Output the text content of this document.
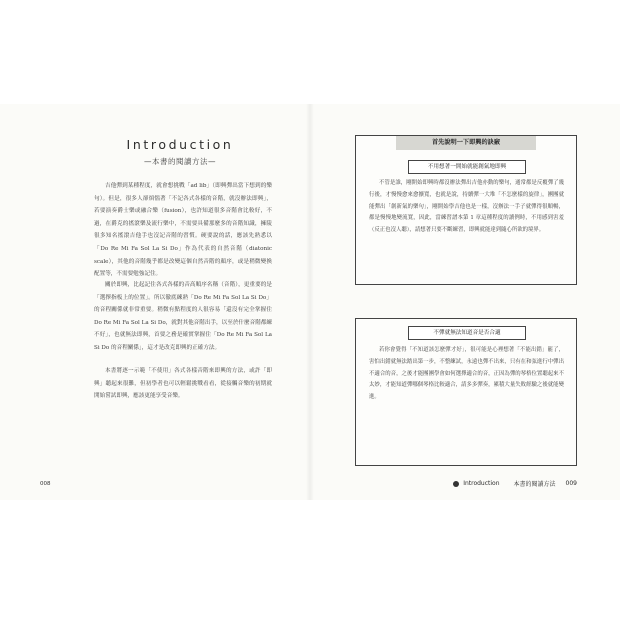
Introduction
—本書的閱讀方法—
吉他彈到某種程度，就會想挑戰「ad lib」（即興彈出當下想到的樂句）。但是，很多人卻煩惱著「不記各式各樣的音階，就沒辦法即興」，若要演奏爵士樂或融合樂（fusion），也許知道很多音階會比較好，不過，在爵克的搖滾樂及流行樂中，不需要具備那麼多的音階知識，擁陵很多知名搖滾吉他手也沒記音階的習慣。硬要說的話，應該先熟悉以「Do Re Mi Fa Sol La Si Do」作為代表的自然音階（diatonic scale），其他的音階幾乎都是改變這個自然音階的顏序，或是稍微變換配置等，不需要勉強記住。
關於即興，比起記住各式各樣的音高順序名稱（音階），更重要的是「選擇指板上的位置」。所以徹底練熟「Do Re Mi Fa Sol La Si Do」的音程關係就非常重要。稍微有點程度的人很容易「還沒有完全掌握住 Do Re Mi Fa Sol La Si Do，就對其他音階出手，以至於什麼音階都練不好」，也就無法即興，首要之務是確實掌握住「Do Re Mi Fa Sol La Si Do 的音程關係」，這才是改克即興的正確方法。
本書將逐一示範「不使用」各式各樣音階來即興的方法，或許「即興」聽起來很難，但初學者也可以輕鬆挑戰看看，從接觸音樂的初期就開始嘗試即興，應該更能享受音樂。
008
首先說明一下即興的訣竅
不用想著一開始就能創氣地即興
不管是誰，剛開始即興時都沒辦法彈出吉他亦動的樂句，通常都是反覆彈了幾行後，才慢慢愈來愈擴寬，也就是說，持續彈一大堆「不怎麼樣的旋律」，團團就能彈出「創新氣的樂句」，剛開始學吉他也是一樣，沒辦法一手子就彈得很順暢，都是慢慢地變流寬，因此，當練習譜本第 1 章這種程度的讀例時，不用感到害羞（反正也沒人聽），請想著只要不斷練習，即興就能達到隨心所欲的境界。
不彈就無法知道音是否合適
若你會覺得「不知道該怎麼彈才好」，很可能是心裡想著「不能出錯」罷了，害怕出錯就無法踏出第一步，不整練試，永遠也彈不出來，只有在和弦進行中彈出不適合的音，之後才能團團學會如何選擇適合的音，正因為彈的琴格位置聽起來不太妙，才能知道彈哪個琴格比較適合，請多多彈奏，累積大量失敗經驗之後就能變進。
Introduction 本書的閱讀方法 009
